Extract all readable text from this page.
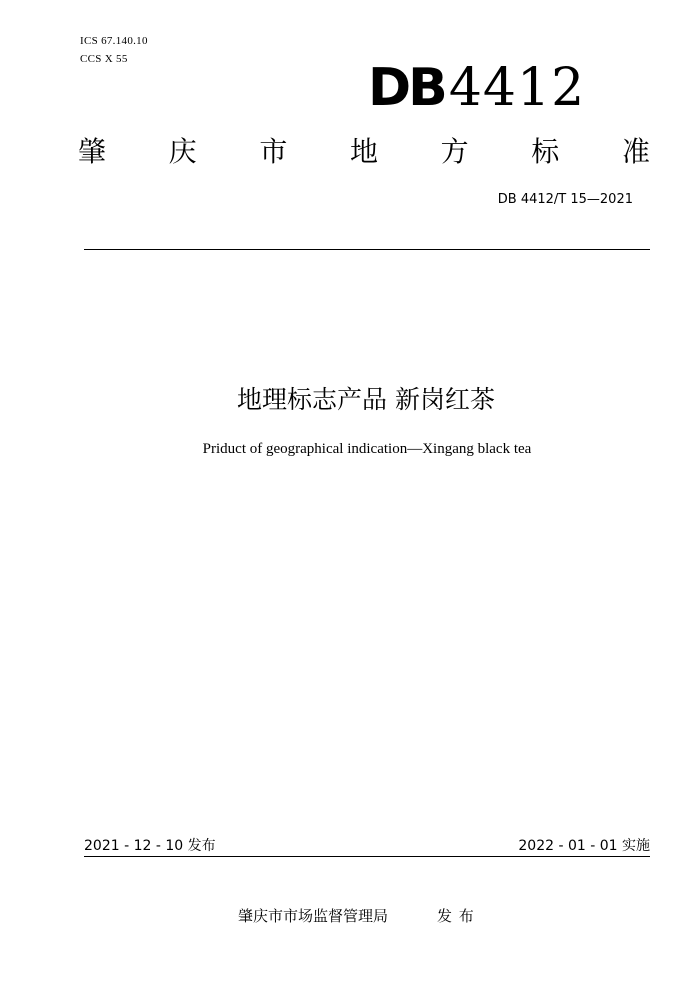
ICS 67.140.10
CCS X 55	DB4412
肇 庆 市 地 方 标 准
DB 4412/T 15—2021
地理标志产品 新岗红茶
Priduct of geographical indication—Xingang black tea
2021 - 12 - 10 发布	2022 - 01 - 01 实施
肇庆市市场监督管理局	发 布
